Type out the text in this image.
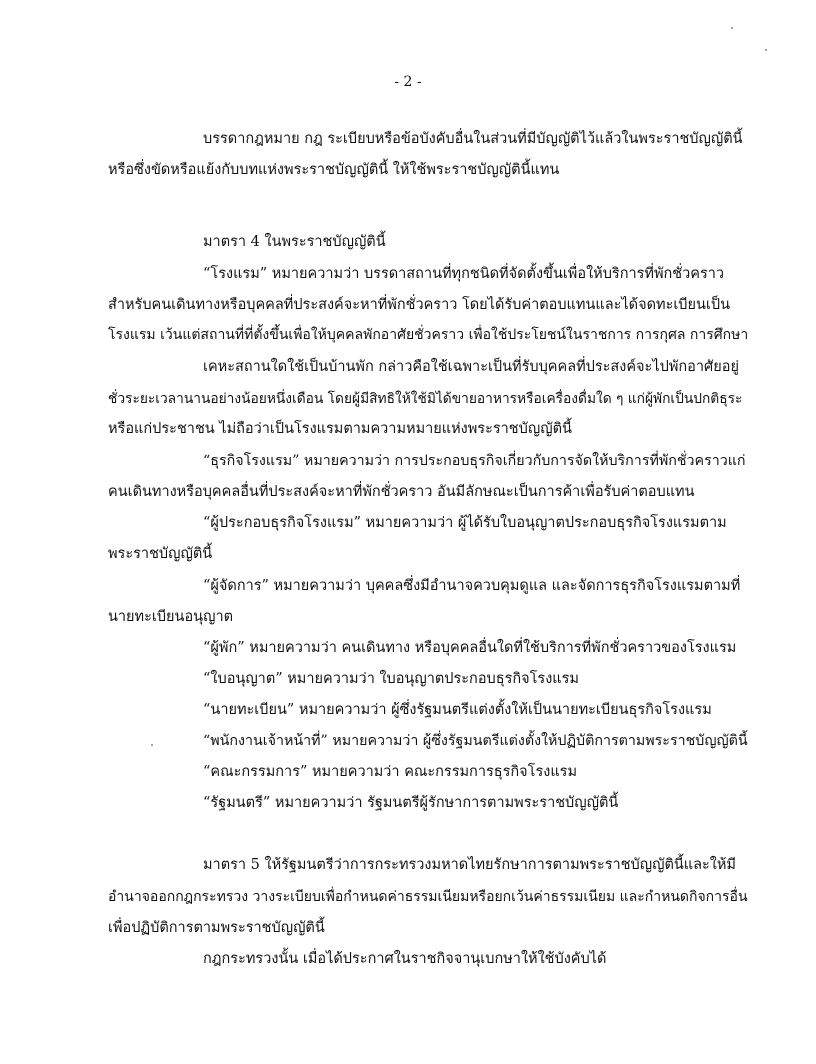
- 2 -
บรรดากฎหมาย กฎ ระเบียบหรือข้อบังคับอื่นในส่วนที่มีบัญญัติไว้แล้วในพระราชบัญญัตินี้
หรือซึ่งขัดหรือแย้งกับบทแห่งพระราชบัญญัตินี้ ให้ใช้พระราชบัญญัตินี้แทน
มาตรา 4 ในพระราชบัญญัตินี้
“โรงแรม” หมายความว่า บรรดาสถานที่ทุกชนิดที่จัดตั้งขึ้นเพื่อให้บริการที่พักชั่วคราว
สำหรับคนเดินทางหรือบุคคลที่ประสงค์จะหาที่พักชั่วคราว โดยได้รับค่าตอบแทนและได้จดทะเบียนเป็น
โรงแรม เว้นแต่สถานที่ที่ตั้งขึ้นเพื่อให้บุคคลพักอาศัยชั่วคราว เพื่อใช้ประโยชน์ในราชการ การกุศล การศึกษา
เคหะสถานใดใช้เป็นบ้านพัก กล่าวคือใช้เฉพาะเป็นที่รับบุคคลที่ประสงค์จะไปพักอาศัยอยู่
ชั่วระยะเวลานานอย่างน้อยหนึ่งเดือน โดยผู้มีสิทธิให้ใช้มิได้ขายอาหารหรือเครื่องดื่มใด ๆ แก่ผู้พักเป็นปกติธุระ
หรือแก่ประชาชน ไม่ถือว่าเป็นโรงแรมตามความหมายแห่งพระราชบัญญัตินี้
“ธุรกิจโรงแรม” หมายความว่า การประกอบธุรกิจเกี่ยวกับการจัดให้บริการที่พักชั่วคราวแก่
คนเดินทางหรือบุคคลอื่นที่ประสงค์จะหาที่พักชั่วคราว อันมีลักษณะเป็นการค้าเพื่อรับค่าตอบแทน
“ผู้ประกอบธุรกิจโรงแรม” หมายความว่า ผู้ได้รับใบอนุญาตประกอบธุรกิจโรงแรมตาม
พระราชบัญญัตินี้
“ผู้จัดการ” หมายความว่า บุคคลซึ่งมีอำนาจควบคุมดูแล และจัดการธุรกิจโรงแรมตามที่
นายทะเบียนอนุญาต
“ผู้พัก” หมายความว่า คนเดินทาง หรือบุคคลอื่นใดที่ใช้บริการที่พักชั่วคราวของโรงแรม
“ใบอนุญาต” หมายความว่า ใบอนุญาตประกอบธุรกิจโรงแรม
“นายทะเบียน” หมายความว่า ผู้ซึ่งรัฐมนตรีแต่งตั้งให้เป็นนายทะเบียนธุรกิจโรงแรม
“พนักงานเจ้าหน้าที่” หมายความว่า ผู้ซึ่งรัฐมนตรีแต่งตั้งให้ปฏิบัติการตามพระราชบัญญัตินี้
“คณะกรรมการ” หมายความว่า คณะกรรมการธุรกิจโรงแรม
“รัฐมนตรี” หมายความว่า รัฐมนตรีผู้รักษาการตามพระราชบัญญัตินี้
มาตรา 5 ให้รัฐมนตรีว่าการกระทรวงมหาดไทยรักษาการตามพระราชบัญญัตินี้และให้มี
อำนาจออกกฎกระทรวง วางระเบียบเพื่อกำหนดค่าธรรมเนียมหรือยกเว้นค่าธรรมเนียม และกำหนดกิจการอื่น
เพื่อปฏิบัติการตามพระราชบัญญัตินี้
กฎกระทรวงนั้น เมื่อได้ประกาศในราชกิจจานุเบกษาให้ใช้บังคับได้
